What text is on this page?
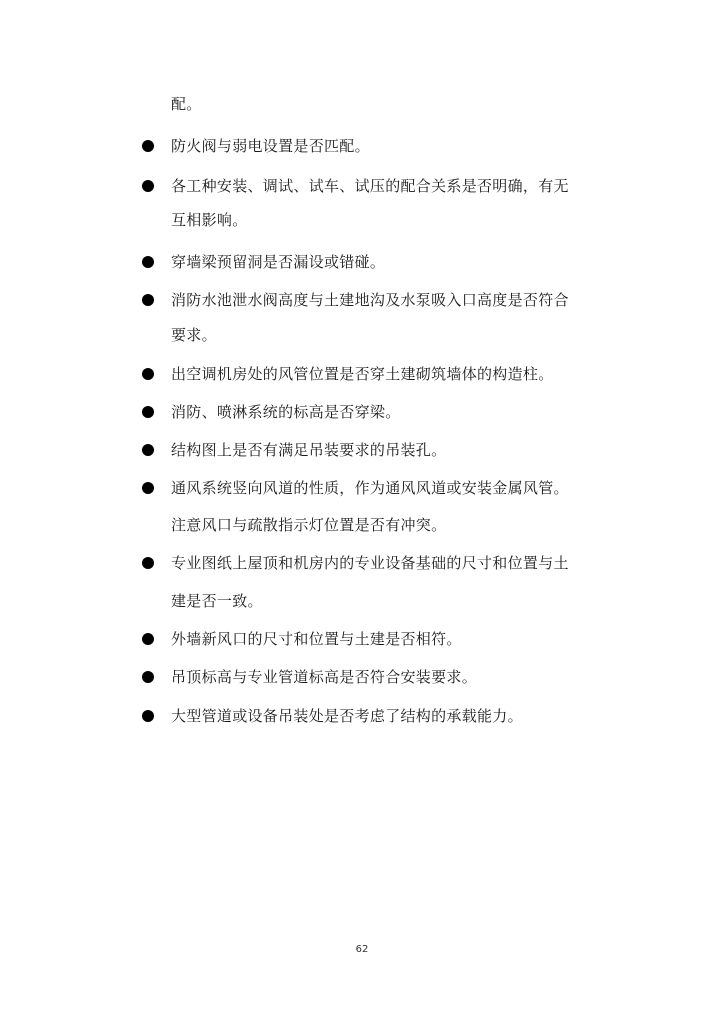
配。
防火阀与弱电设置是否匹配。
各工种安装、调试、试车、试压的配合关系是否明确，有无
互相影响。
穿墙梁预留洞是否漏设或错碰。
消防水池泄水阀高度与土建地沟及水泵吸入口高度是否符合
要求。
出空调机房处的风管位置是否穿土建砌筑墙体的构造柱。
消防、喷淋系统的标高是否穿梁。
结构图上是否有满足吊装要求的吊装孔。
通风系统竖向风道的性质，作为通风风道或安装金属风管。
注意风口与疏散指示灯位置是否有冲突。
专业图纸上屋顶和机房内的专业设备基础的尺寸和位置与土
建是否一致。
外墙新风口的尺寸和位置与土建是否相符。
吊顶标高与专业管道标高是否符合安装要求。
大型管道或设备吊装处是否考虑了结构的承载能力。
62
